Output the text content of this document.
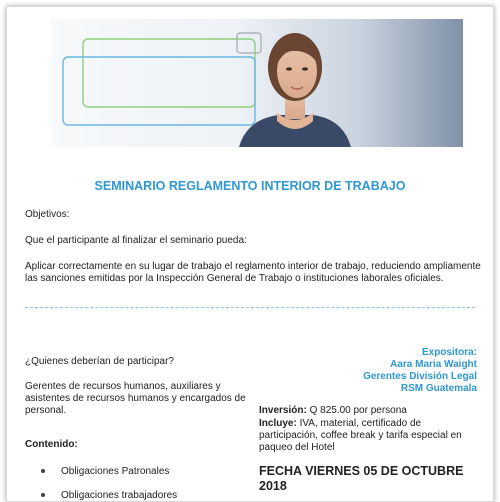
SEMINARIO REGLAMENTO INTERIOR DE TRABAJO
Objetivos:
Que el participante al finalizar el seminario pueda:
Aplicar correctamente en su lugar de trabajo el reglamento interior de trabajo, reduciendo ampliamente
las sanciones emitidas por la Inspección General de Trabajo o instituciones laborales oficiales.
Expositora:
Aara Maria Waight
Gerentes División Legal
RSM Guatemala
¿Quienes deberían de participar?
Gerentes de recursos humanos, auxiliares y
asistentes de recursos humanos y encargados de
personal.	Inversión: Q 825.00 por persona
Incluye: IVA, material, certificado de
participación, coffee break y tarifa especial en
paqueo del Hotel
Contenido:
Obligaciones Patronales
Obligaciones trabajadores
FECHA VIERNES 05 DE OCTUBRE
2018
